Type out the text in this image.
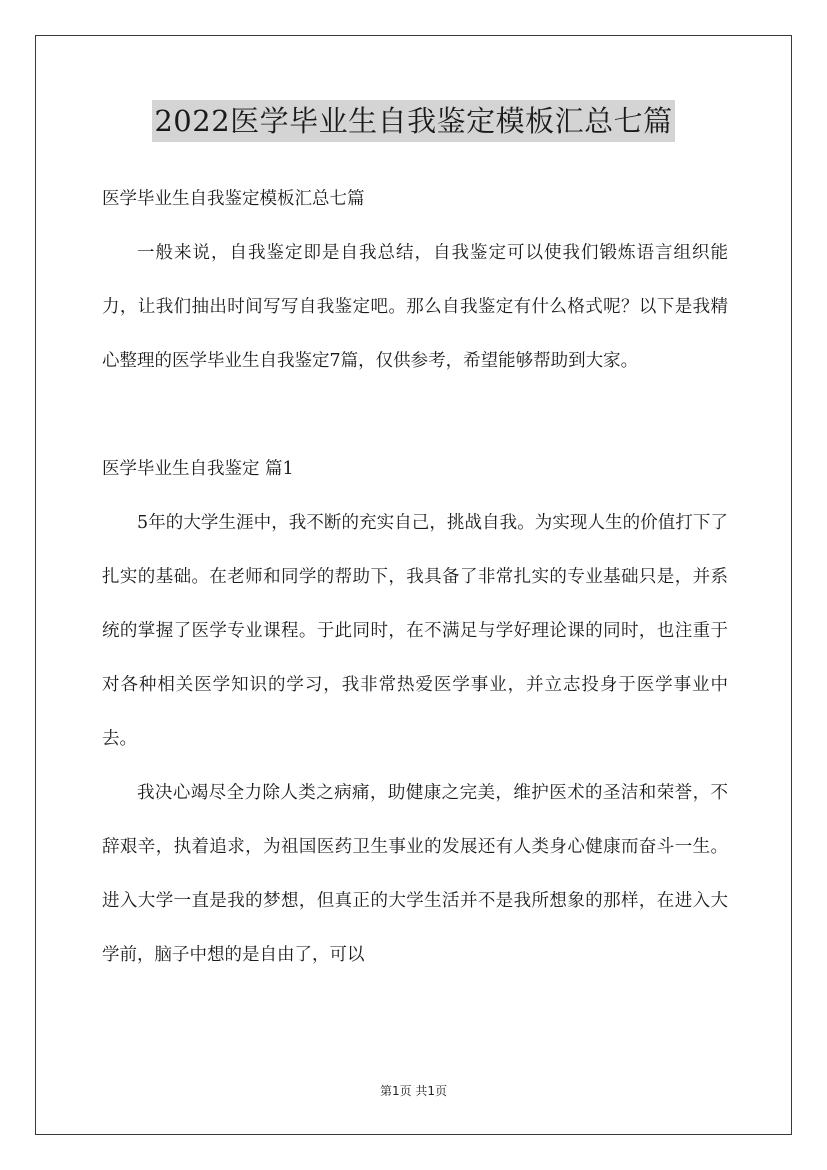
2022医学毕业生自我鉴定模板汇总七篇

医学毕业生自我鉴定模板汇总七篇

一般来说，自我鉴定即是自我总结，自我鉴定可以使我们锻炼语言组织能力，让我们抽出时间写写自我鉴定吧。那么自我鉴定有什么格式呢？以下是我精心整理的医学毕业生自我鉴定7篇，仅供参考，希望能够帮助到大家。

医学毕业生自我鉴定 篇1

5年的大学生涯中，我不断的充实自己，挑战自我。为实现人生的价值打下了扎实的基础。在老师和同学的帮助下，我具备了非常扎实的专业基础只是，并系统的掌握了医学专业课程。于此同时，在不满足与学好理论课的同时，也注重于对各种相关医学知识的学习，我非常热爱医学事业，并立志投身于医学事业中去。

我决心竭尽全力除人类之病痛，助健康之完美，维护医术的圣洁和荣誉，不辞艰辛，执着追求，为祖国医药卫生事业的发展还有人类身心健康而奋斗一生。进入大学一直是我的梦想，但真正的大学生活并不是我所想象的那样，在进入大学前，脑子中想的是自由了，可以

第1页 共1页
